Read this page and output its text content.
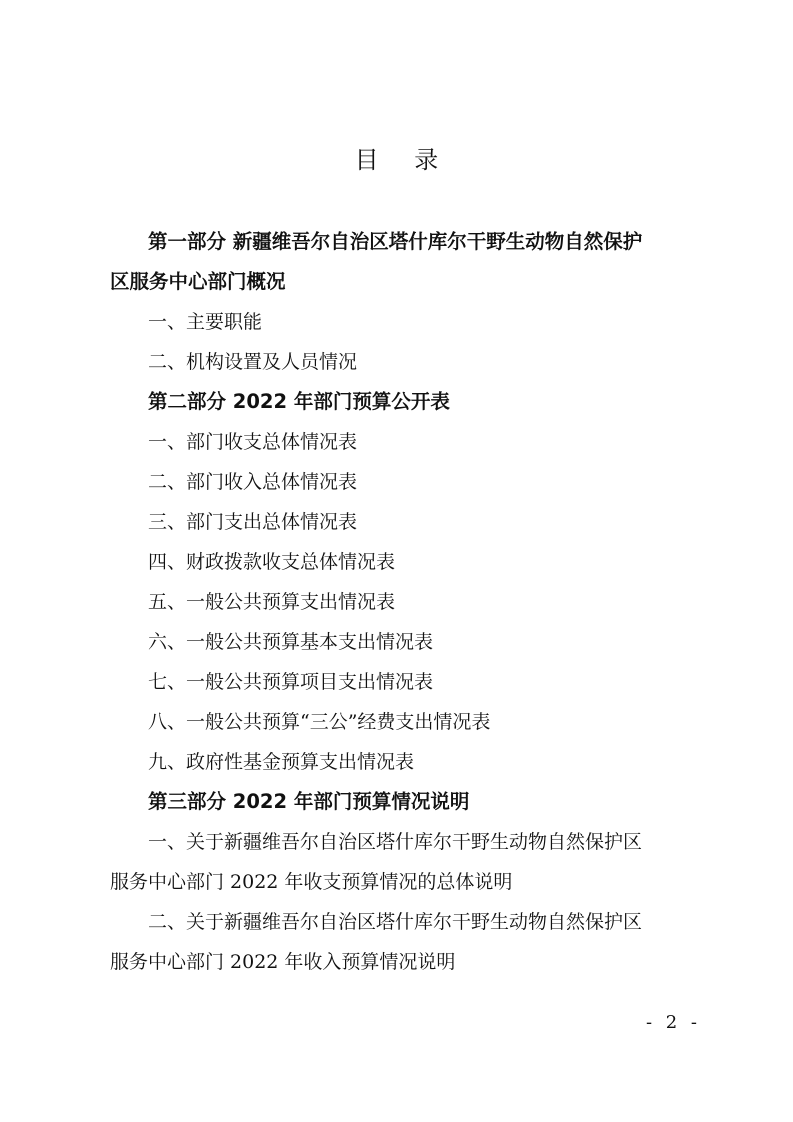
目 录
第一部分 新疆维吾尔自治区塔什库尔干野生动物自然保护
区服务中心部门概况
一、主要职能
二、机构设置及人员情况
第二部分 2022 年部门预算公开表
一、部门收支总体情况表
二、部门收入总体情况表
三、部门支出总体情况表
四、财政拨款收支总体情况表
五、一般公共预算支出情况表
六、一般公共预算基本支出情况表
七、一般公共预算项目支出情况表
八、一般公共预算“三公”经费支出情况表
九、政府性基金预算支出情况表
第三部分 2022 年部门预算情况说明
一、关于新疆维吾尔自治区塔什库尔干野生动物自然保护区
服务中心部门 2022 年收支预算情况的总体说明
二、关于新疆维吾尔自治区塔什库尔干野生动物自然保护区
服务中心部门 2022 年收入预算情况说明
- 2 -
